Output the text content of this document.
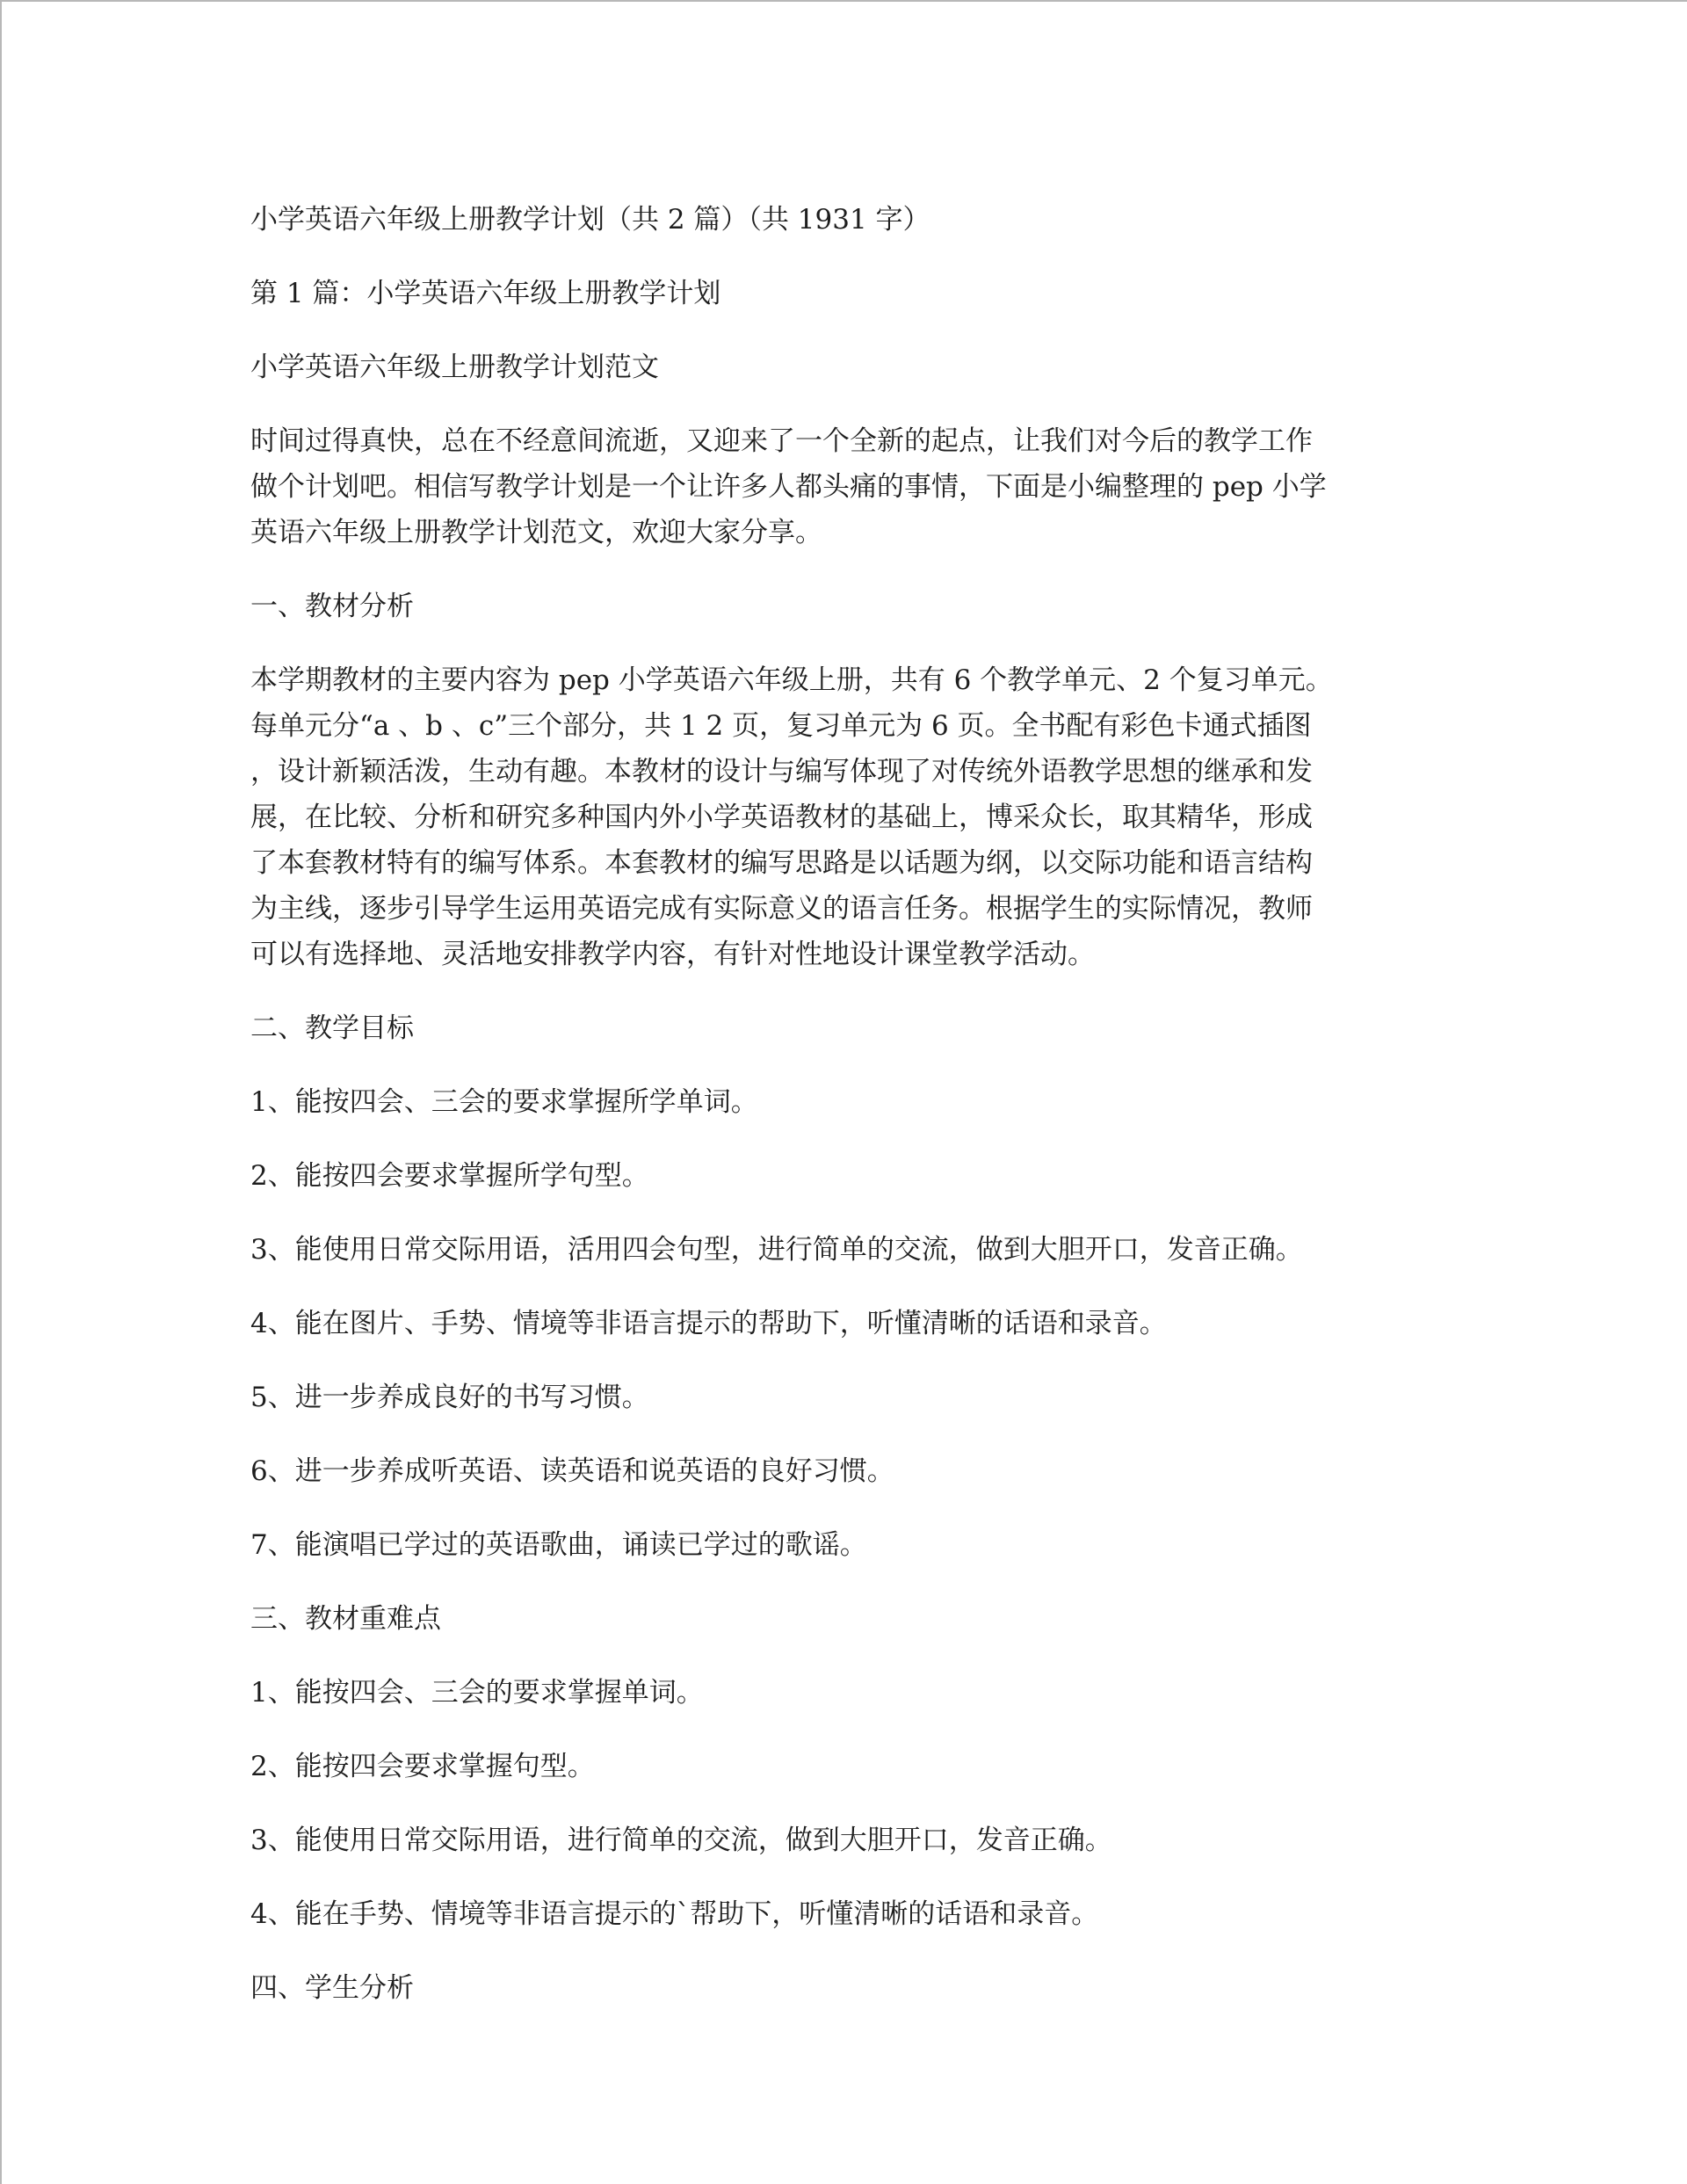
小学英语六年级上册教学计划（共 2 篇）（共 1931 字）

第 1 篇：小学英语六年级上册教学计划

小学英语六年级上册教学计划范文

时间过得真快，总在不经意间流逝，又迎来了一个全新的起点，让我们对今后的教学工作
做个计划吧。相信写教学计划是一个让许多人都头痛的事情，下面是小编整理的 pep 小学
英语六年级上册教学计划范文，欢迎大家分享。

一、教材分析

本学期教材的主要内容为 pep 小学英语六年级上册，共有 6 个教学单元、2 个复习单元。
每单元分“a 、b 、c”三个部分，共 1 2 页，复习单元为 6 页。全书配有彩色卡通式插图
，设计新颖活泼，生动有趣。本教材的设计与编写体现了对传统外语教学思想的继承和发
展，在比较、分析和研究多种国内外小学英语教材的基础上，博采众长，取其精华，形成
了本套教材特有的编写体系。本套教材的编写思路是以话题为纲，以交际功能和语言结构
为主线，逐步引导学生运用英语完成有实际意义的语言任务。根据学生的实际情况，教师
可以有选择地、灵活地安排教学内容，有针对性地设计课堂教学活动。

二、教学目标

1、能按四会、三会的要求掌握所学单词。

2、能按四会要求掌握所学句型。

3、能使用日常交际用语，活用四会句型，进行简单的交流，做到大胆开口，发音正确。

4、能在图片、手势、情境等非语言提示的帮助下，听懂清晰的话语和录音。

5、进一步养成良好的书写习惯。

6、进一步养成听英语、读英语和说英语的良好习惯。

7、能演唱已学过的英语歌曲，诵读已学过的歌谣。

三、教材重难点

1、能按四会、三会的要求掌握单词。

2、能按四会要求掌握句型。

3、能使用日常交际用语，进行简单的交流，做到大胆开口，发音正确。

4、能在手势、情境等非语言提示的`帮助下，听懂清晰的话语和录音。

四、学生分析
